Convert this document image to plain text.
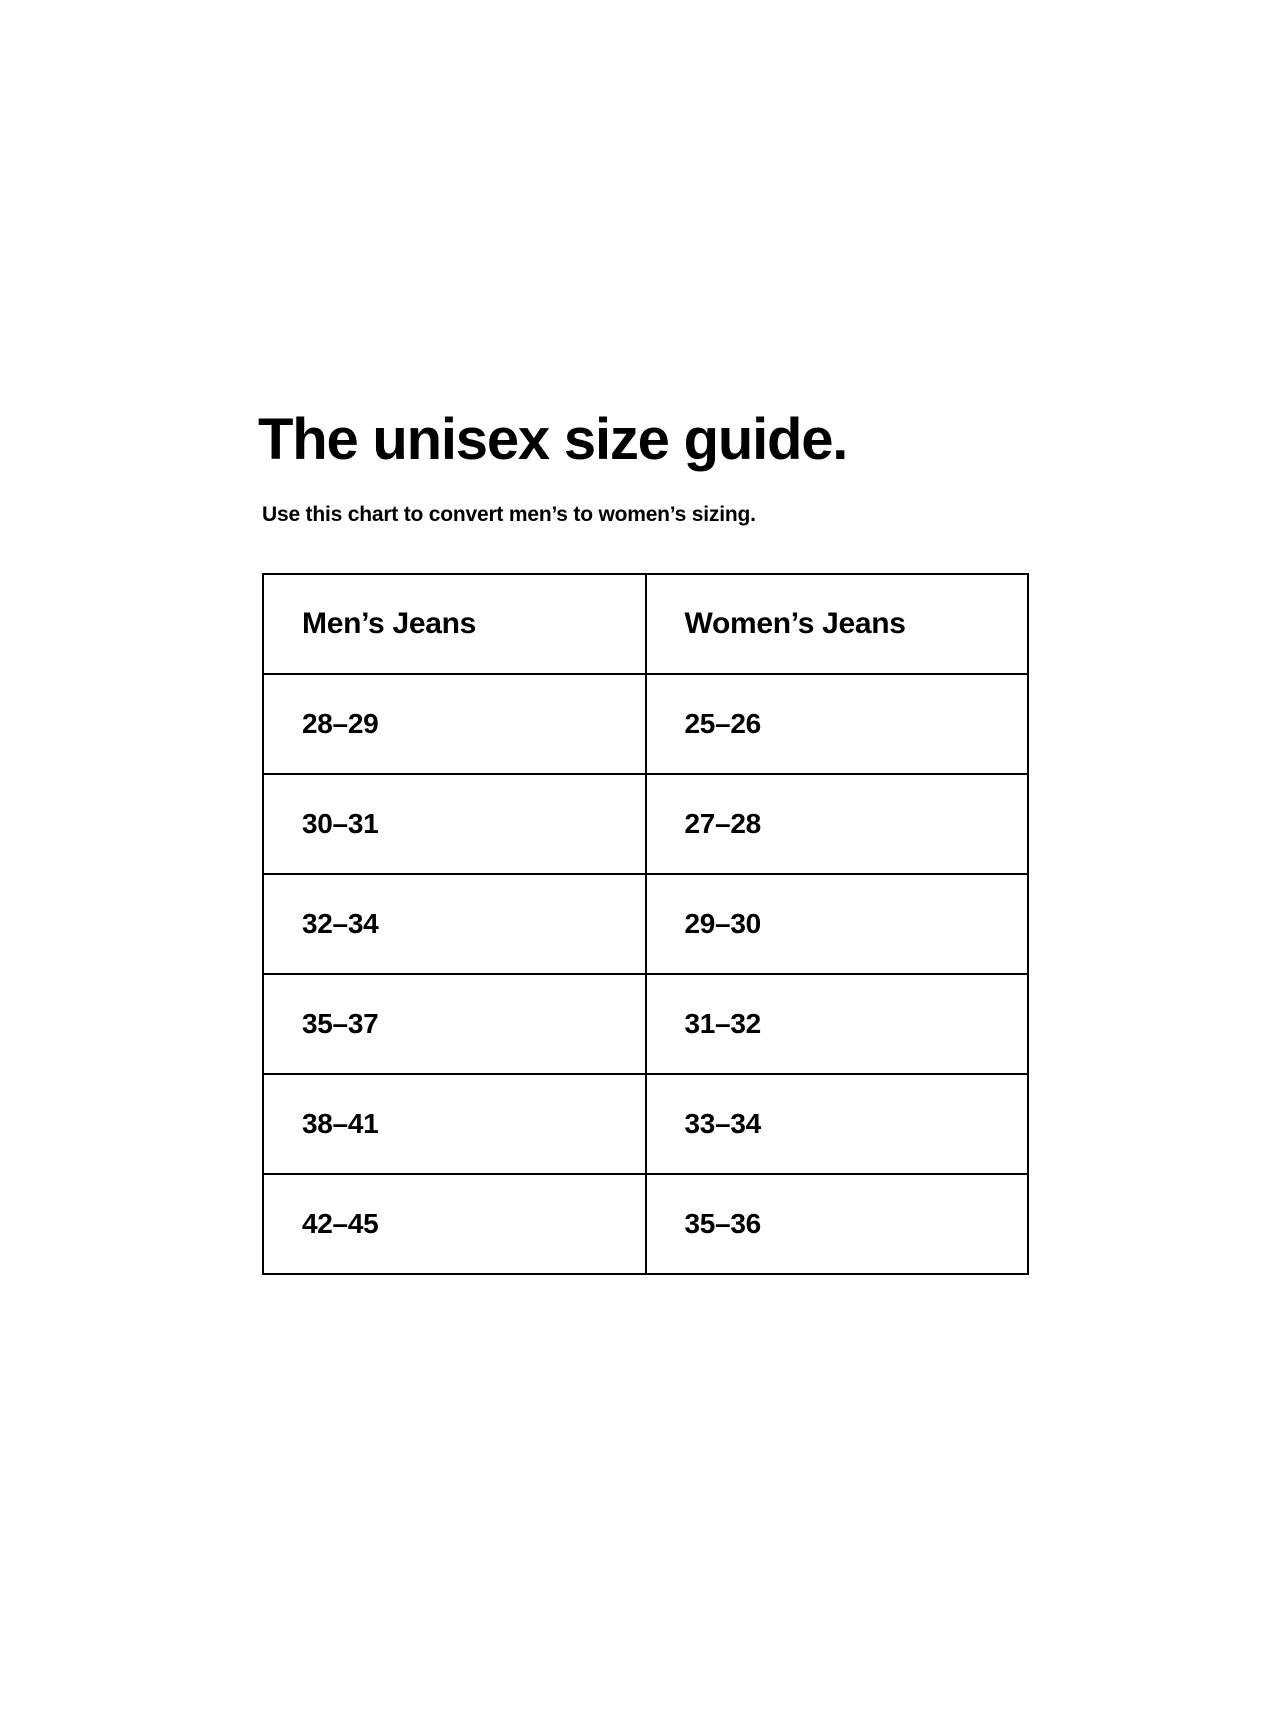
The unisex size guide.

Use this chart to convert men’s to women’s sizing.

Men’s Jeans	Women’s Jeans
28–29	25–26
30–31	27–28
32–34	29–30
35–37	31–32
38–41	33–34
42–45	35–36
